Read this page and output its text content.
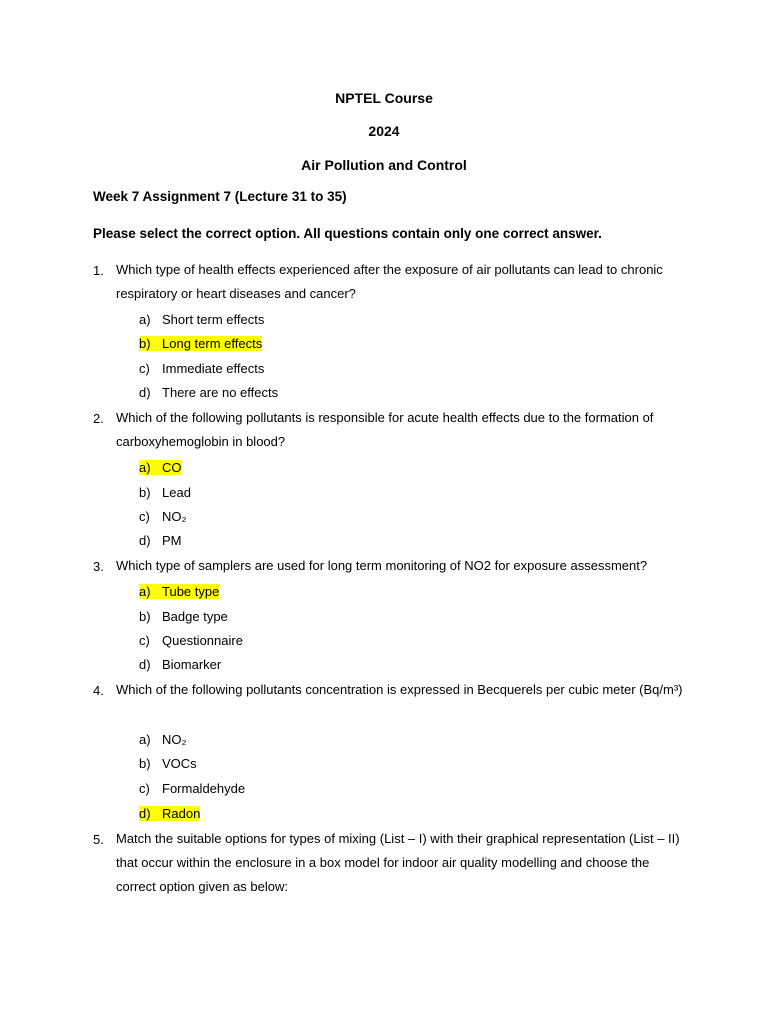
NPTEL Course
2024
Air Pollution and Control
Week 7 Assignment 7 (Lecture 31 to 35)
Please select the correct option. All questions contain only one correct answer.
1. Which type of health effects experienced after the exposure of air pollutants can lead to chronic respiratory or heart diseases and cancer?
a) Short term effects
b) Long term effects
c) Immediate effects
d) There are no effects
2. Which of the following pollutants is responsible for acute health effects due to the formation of carboxyhemoglobin in blood?
a) CO
b) Lead
c) NO₂
d) PM
3. Which type of samplers are used for long term monitoring of NO2 for exposure assessment?
a) Tube type
b) Badge type
c) Questionnaire
d) Biomarker
4. Which of the following pollutants concentration is expressed in Becquerels per cubic meter (Bq/m³)
a) NO₂
b) VOCs
c) Formaldehyde
d) Radon
5. Match the suitable options for types of mixing (List – I) with their graphical representation (List – II) that occur within the enclosure in a box model for indoor air quality modelling and choose the correct option given as below:
